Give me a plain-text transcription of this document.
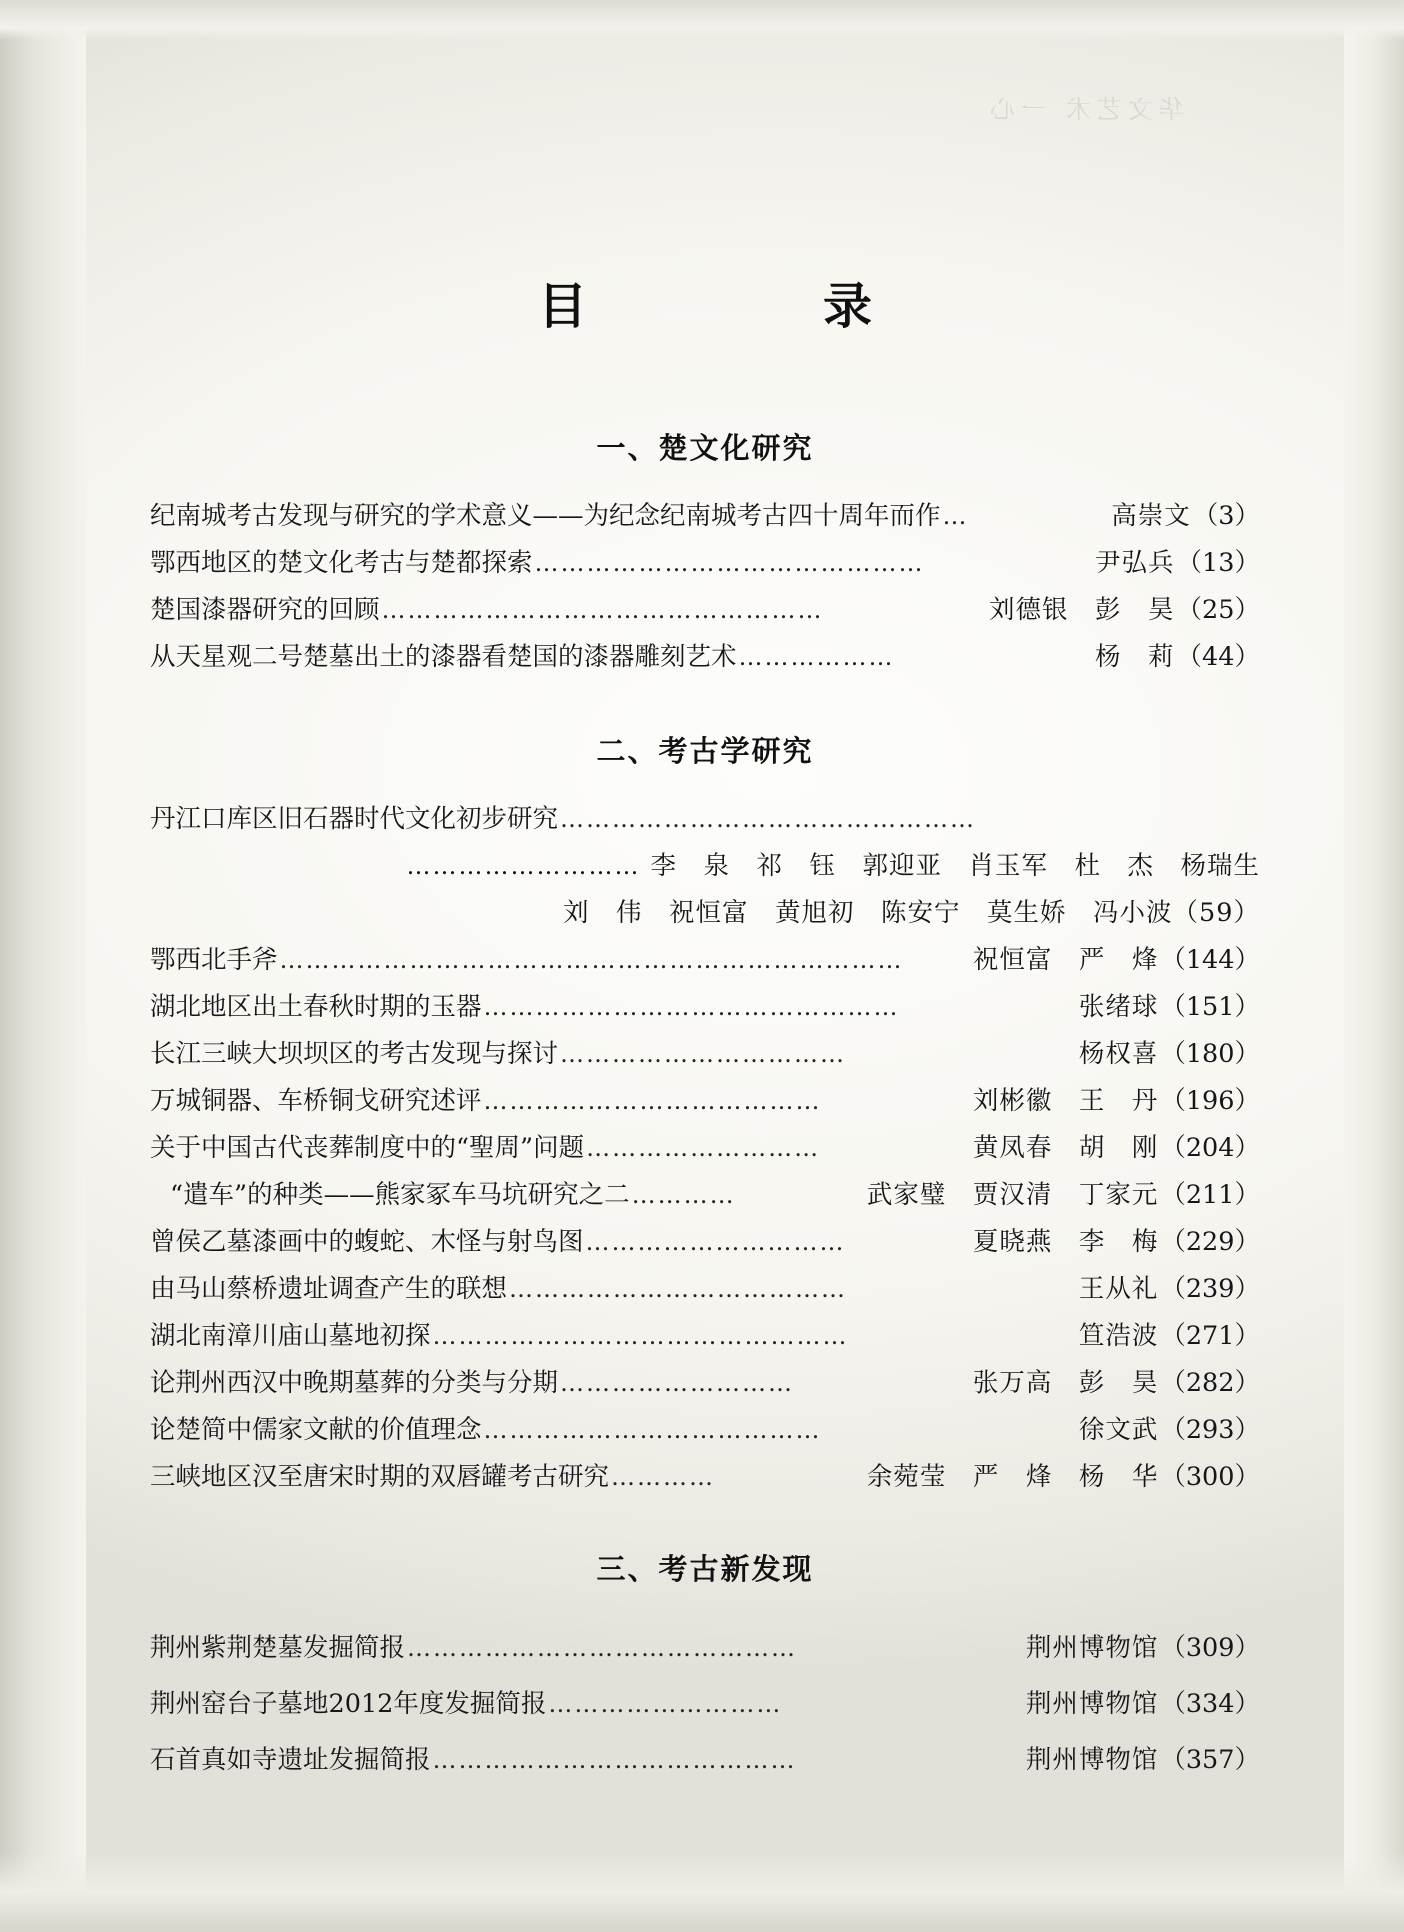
华文艺术 一心
目　　录
一、楚文化研究
纪南城考古发现与研究的学术意义——为纪念纪南城考古四十周年而作 …	高崇文 （3）
鄂西地区的楚文化考古与楚都探索 ………………………………………	尹弘兵 （13）
楚国漆器研究的回顾 ……………………………………………	刘德银　彭　昊 （25）
从天星观二号楚墓出土的漆器看楚国的漆器雕刻艺术 ………………	杨　莉 （44）
二、考古学研究
丹江口库区旧石器时代文化初步研究 …………………………………………
……………………… 李　泉　祁　钰　郭迎亚　肖玉军　杜　杰　杨瑞生
刘　伟　祝恒富　黄旭初　陈安宁　莫生娇　冯小波（59）
鄂西北手斧 ………………………………………………………………	祝恒富　严　烽 （144）
湖北地区出土春秋时期的玉器 …………………………………………	张绪球 （151）
长江三峡大坝坝区的考古发现与探讨 ……………………………	杨权喜 （180）
万城铜器、车桥铜戈研究述评 …………………………………	刘彬徽　王　丹 （196）
关于中国古代丧葬制度中的“聖周”问题 ………………………	黄凤春　胡　刚 （204）
“遣车”的种类——熊家冢车马坑研究之二 …………	武家璧　贾汉清　丁家元 （211）
曾侯乙墓漆画中的蝮蛇、木怪与射鸟图 …………………………	夏晓燕　李　梅 （229）
由马山蔡桥遗址调查产生的联想 …………………………………	王从礼 （239）
湖北南漳川庙山墓地初探 …………………………………………	笪浩波 （271）
论荆州西汉中晚期墓葬的分类与分期 ………………………	张万高　彭　昊 （282）
论楚简中儒家文献的价值理念 …………………………………	徐文武 （293）
三峡地区汉至唐宋时期的双唇罐考古研究 …………	余菀莹　严　烽　杨　华 （300）
三、考古新发现
荆州紫荆楚墓发掘简报 ………………………………………	荆州博物馆 （309）
荆州窑台子墓地2012年度发掘简报 ………………………	荆州博物馆 （334）
石首真如寺遗址发掘简报 ……………………………………	荆州博物馆 （357）
